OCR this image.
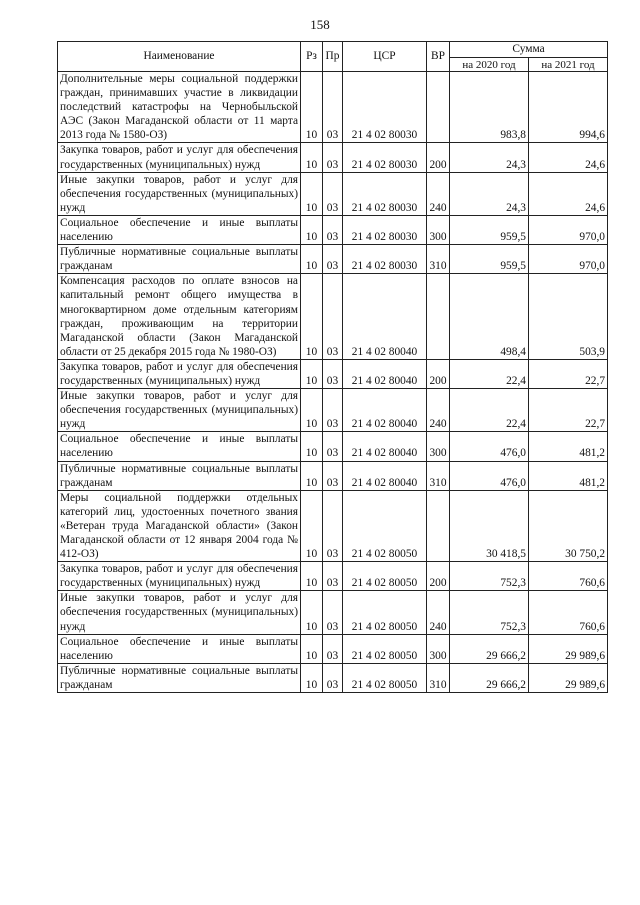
158
Наименование	Рз	Пр	ЦСР	ВР	Сумма	
					на 2020 год	на 2021 год
Дополнительные меры социальной поддержки граждан, принимавших участие в ликвидации последствий катастрофы на Чернобыльской АЭС (Закон Магаданской области от 11 марта 2013 года № 1580-ОЗ)	10	03	21 4 02 80030		983,8	994,6
Закупка товаров, работ и услуг для обеспечения государственных (муниципальных) нужд	10	03	21 4 02 80030	200	24,3	24,6
Иные закупки товаров, работ и услуг для обеспечения государственных (муниципальных) нужд	10	03	21 4 02 80030	240	24,3	24,6
Социальное обеспечение и иные выплаты населению	10	03	21 4 02 80030	300	959,5	970,0
Публичные нормативные социальные выплаты гражданам	10	03	21 4 02 80030	310	959,5	970,0
Компенсация расходов по оплате взносов на капитальный ремонт общего имущества в многоквартирном доме отдельным категориям граждан, проживающим на территории Магаданской области (Закон Магаданской области от 25 декабря 2015 года № 1980-ОЗ)	10	03	21 4 02 80040		498,4	503,9
Закупка товаров, работ и услуг для обеспечения государственных (муниципальных) нужд	10	03	21 4 02 80040	200	22,4	22,7
Иные закупки товаров, работ и услуг для обеспечения государственных (муниципальных) нужд	10	03	21 4 02 80040	240	22,4	22,7
Социальное обеспечение и иные выплаты населению	10	03	21 4 02 80040	300	476,0	481,2
Публичные нормативные социальные выплаты гражданам	10	03	21 4 02 80040	310	476,0	481,2
Меры социальной поддержки отдельных категорий лиц, удостоенных почетного звания «Ветеран труда Магаданской области» (Закон Магаданской области от 12 января 2004 года № 412-ОЗ)	10	03	21 4 02 80050		30 418,5	30 750,2
Закупка товаров, работ и услуг для обеспечения государственных (муниципальных) нужд	10	03	21 4 02 80050	200	752,3	760,6
Иные закупки товаров, работ и услуг для обеспечения государственных (муниципальных) нужд	10	03	21 4 02 80050	240	752,3	760,6
Социальное обеспечение и иные выплаты населению	10	03	21 4 02 80050	300	29 666,2	29 989,6
Публичные нормативные социальные выплаты гражданам	10	03	21 4 02 80050	310	29 666,2	29 989,6
